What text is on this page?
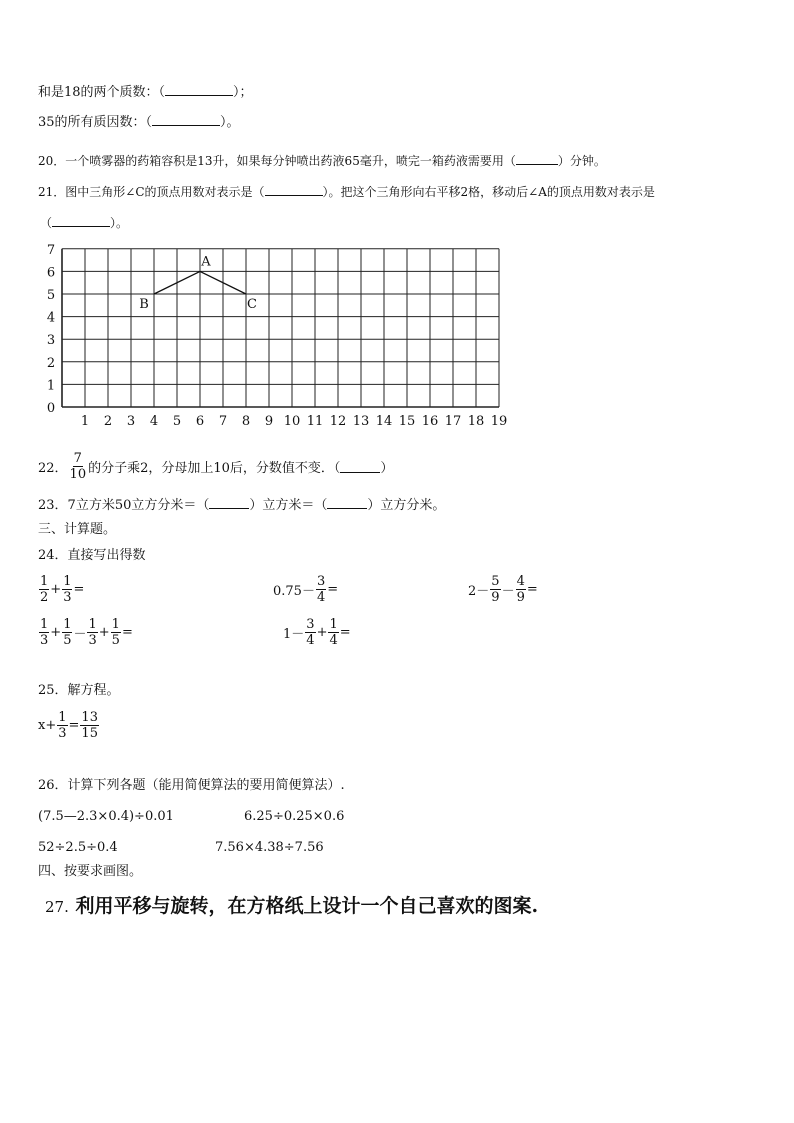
和是18的两个质数：（	）；
35的所有质因数：（	）。
20．一个喷雾器的药箱容积是13升，如果每分钟喷出药液65毫升，喷完一箱药液需要用（	）分钟。
21．图中三角形∠C的顶点用数对表示是（	）。把这个三角形向右平移2格，移动后∠A的顶点用数对表示是
（	）。
1 2 3 4 5 6 7 8 9 10 11 12 13 14 15 16 17 18 19
0
1
2
3
4
5
6
7
A
B	C
22． $\frac{7}{10}$ 的分子乘2，分母加上10后，分数值不变．（	）
23．7立方米50立方分米＝（	）立方米＝（	）立方分米。
三、计算题。
24．直接写出得数
$\frac{1}{2} + \frac{1}{3}$ =	$0.75- \frac{3}{4}$ =	$2- \frac{5}{9} - \frac{4}{9}$ =
$\frac{1}{3} + \frac{1}{5} - \frac{1}{3} + \frac{1}{5}$ =	$1- \frac{3}{4} + \frac{1}{4}$ =
25．解方程。
$x+ \frac{1}{3} = \frac{13}{15}$
26．计算下列各题（能用简便算法的要用简便算法）.
(7.5—2.3×0.4)÷0.01	6.25÷0.25×0.6
52÷2.5÷0.4	7.56×4.38÷7.56
四、按要求画图。
27. 利用平移与旋转，在方格纸上设计一个自己喜欢的图案.
